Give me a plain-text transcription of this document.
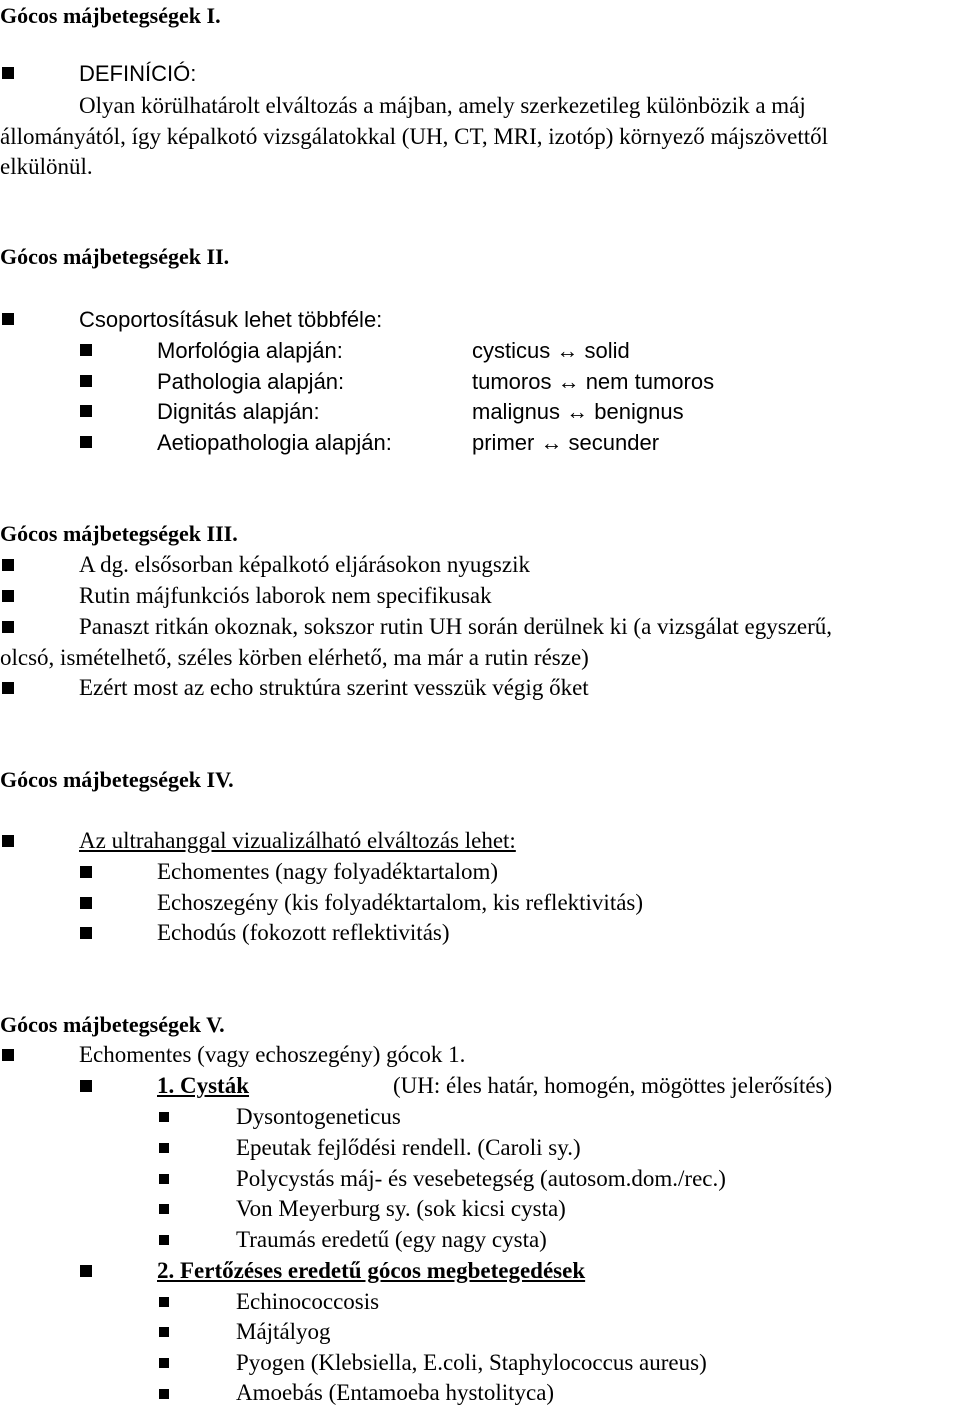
Gócos májbetegségek I.
DEFINÍCIÓ:
Olyan körülhatárolt elváltozás a májban, amely szerkezetileg különbözik a máj
állományától, így képalkotó vizsgálatokkal (UH, CT, MRI, izotóp) környező májszövettől
elkülönül.
Gócos májbetegségek II.
Csoportosításuk lehet többféle:
Morfológia alapján:	cysticus ↔ solid
Pathologia alapján:	tumoros ↔ nem tumoros
Dignitás alapján:	malignus ↔ benignus
Aetiopathologia alapján:	primer ↔ secunder
Gócos májbetegségek III.
A dg. elsősorban képalkotó eljárásokon nyugszik
Rutin májfunkciós laborok nem specifikusak
Panaszt ritkán okoznak, sokszor rutin UH során derülnek ki (a vizsgálat egyszerű,
olcsó, ismételhető, széles körben elérhető, ma már a rutin része)
Ezért most az echo struktúra szerint vesszük végig őket
Gócos májbetegségek IV.
Az ultrahanggal vizualizálható elváltozás lehet:
Echomentes (nagy folyadéktartalom)
Echoszegény (kis folyadéktartalom, kis reflektivitás)
Echodús (fokozott reflektivitás)
Gócos májbetegségek V.
Echomentes (vagy echoszegény) gócok 1.
1. Cysták	(UH: éles határ, homogén, mögöttes jelerősítés)
Dysontogeneticus
Epeutak fejlődési rendell. (Caroli sy.)
Polycystás máj- és vesebetegség (autosom.dom./rec.)
Von Meyerburg sy. (sok kicsi cysta)
Traumás eredetű (egy nagy cysta)
2. Fertőzéses eredetű gócos megbetegedések
Echinococcosis
Májtályog
Pyogen (Klebsiella, E.coli, Staphylococcus aureus)
Amoebás (Entamoeba hystolityca)
